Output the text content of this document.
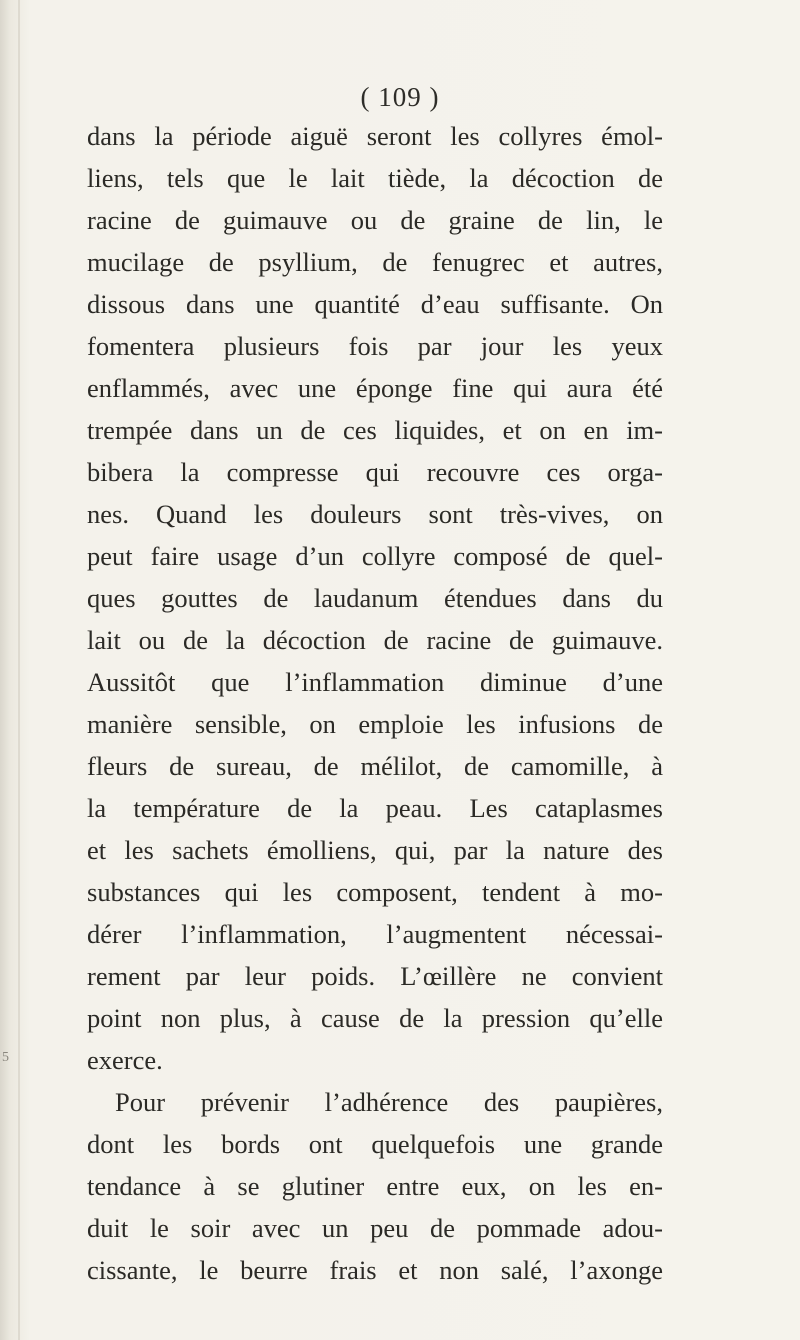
( 109 )
5
dans la période aiguë seront les collyres émol-
liens, tels que le lait tiède, la décoction de
racine de guimauve ou de graine de lin, le
mucilage de psyllium, de fenugrec et autres,
dissous dans une quantité d’eau suffisante. On
fomentera plusieurs fois par jour les yeux
enflammés, avec une éponge fine qui aura été
trempée dans un de ces liquides, et on en im-
bibera la compresse qui recouvre ces orga-
nes. Quand les douleurs sont très-vives, on
peut faire usage d’un collyre composé de quel-
ques gouttes de laudanum étendues dans du
lait ou de la décoction de racine de guimauve.
Aussitôt que l’inflammation diminue d’une
manière sensible, on emploie les infusions de
fleurs de sureau, de mélilot, de camomille, à
la température de la peau. Les cataplasmes
et les sachets émolliens, qui, par la nature des
substances qui les composent, tendent à mo-
dérer l’inflammation, l’augmentent nécessai-
rement par leur poids. L’œillère ne convient
point non plus, à cause de la pression qu’elle
exerce.
Pour prévenir l’adhérence des paupières,
dont les bords ont quelquefois une grande
tendance à se glutiner entre eux, on les en-
duit le soir avec un peu de pommade adou-
cissante, le beurre frais et non salé, l’axonge
